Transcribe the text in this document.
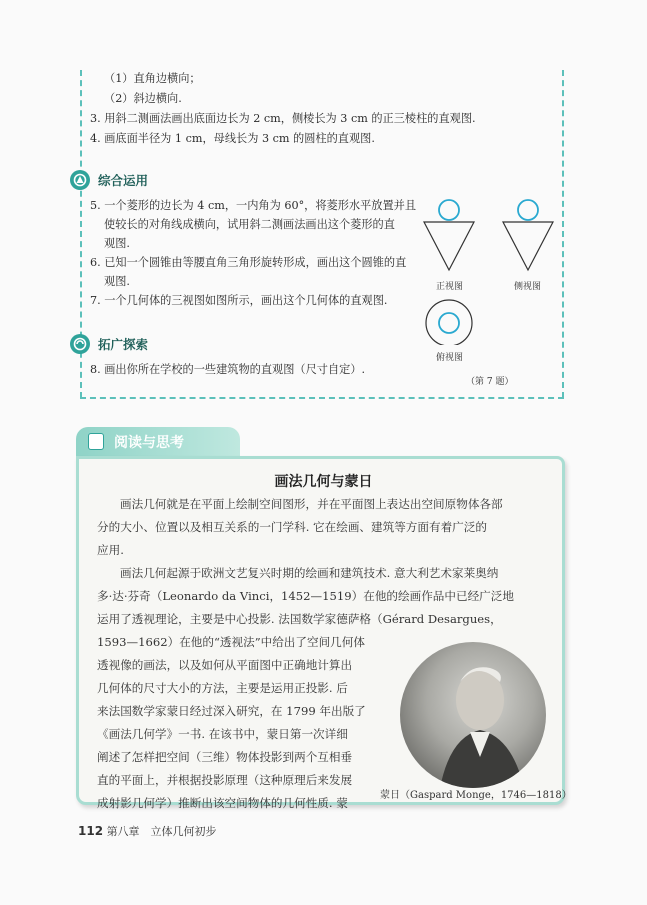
（1）直角边横向；
（2）斜边横向.
3. 用斜二测画法画出底面边长为 2 cm，侧棱长为 3 cm 的正三棱柱的直观图.
4. 画底面半径为 1 cm，母线长为 3 cm 的圆柱的直观图.
综合运用
5. 一个菱形的边长为 4 cm，一内角为 60°，将菱形水平放置并且
使较长的对角线成横向，试用斜二测画法画出这个菱形的直
观图.
6. 已知一个圆锥由等腰直角三角形旋转形成，画出这个圆锥的直
观图.
7. 一个几何体的三视图如图所示，画出这个几何体的直观图.
正视图	侧视图
拓广探索
俯视图
8. 画出你所在学校的一些建筑物的直观图（尺寸自定）.
（第 7 题）
阅读与思考
画法几何与蒙日
画法几何就是在平面上绘制空间图形，并在平面图上表达出空间原物体各部
分的大小、位置以及相互关系的一门学科. 它在绘画、建筑等方面有着广泛的
应用.
画法几何起源于欧洲文艺复兴时期的绘画和建筑技术. 意大利艺术家莱奥纳
多·达·芬奇（Leonardo da Vinci，1452—1519）在他的绘画作品中已经广泛地
运用了透视理论，主要是中心投影. 法国数学家德萨格（Gérard Desargues，
1593—1662）在他的“透视法”中给出了空间几何体
透视像的画法，以及如何从平面图中正确地计算出
几何体的尺寸大小的方法，主要是运用正投影. 后
来法国数学家蒙日经过深入研究，在 1799 年出版了
《画法几何学》一书. 在该书中，蒙日第一次详细
阐述了怎样把空间（三维）物体投影到两个互相垂
直的平面上，并根据投影原理（这种原理后来发展
成射影几何学）推断出该空间物体的几何性质. 蒙
蒙日（Gaspard Monge，1746—1818）
112 第八章　立体几何初步
